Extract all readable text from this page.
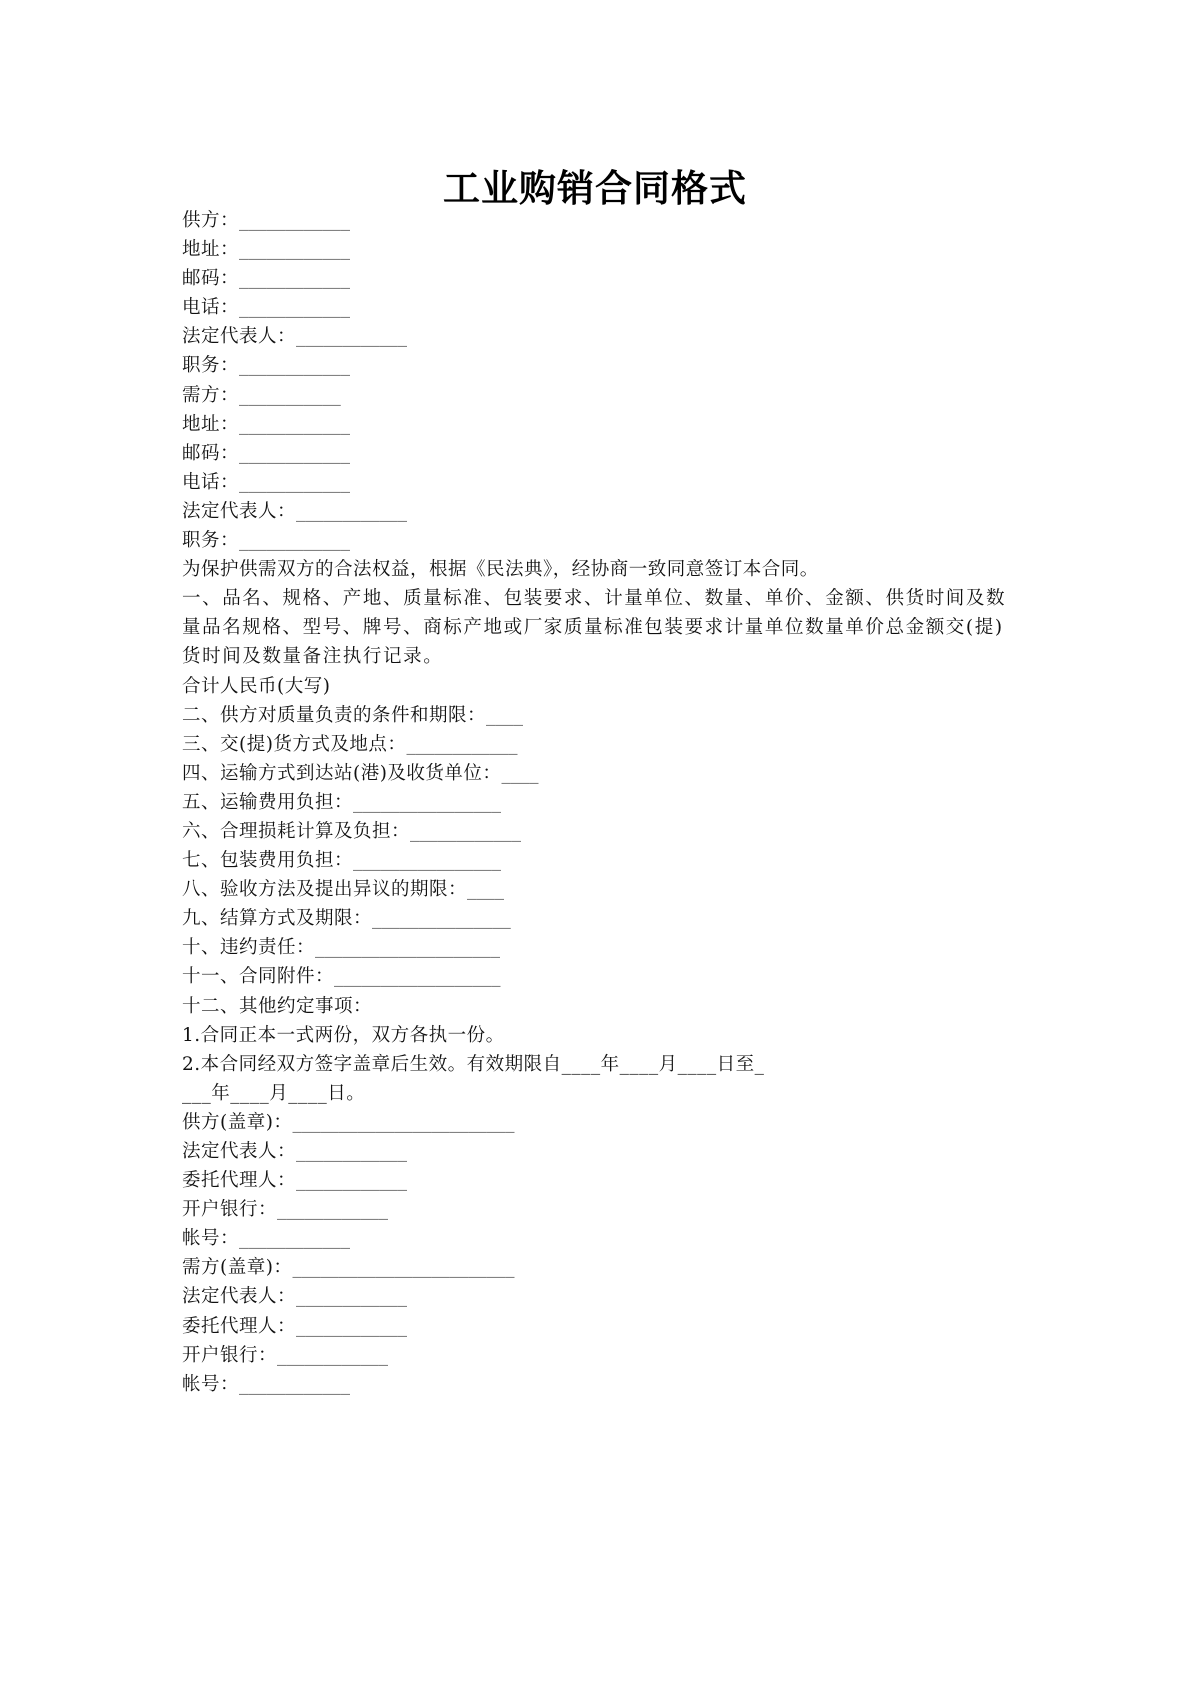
工业购销合同格式
供方：____________
地址：____________
邮码：____________
电话：____________
法定代表人：____________
职务：____________
需方：___________
地址：____________
邮码：____________
电话：____________
法定代表人：____________
职务：____________
为保护供需双方的合法权益，根据《民法典》，经协商一致同意签订本合同。
一、品名、规格、产地、质量标准、包装要求、计量单位、数量、单价、金额、供货时间及数量品名规格、型号、牌号、商标产地或厂家质量标准包装要求计量单位数量单价总金额交(提)货时间及数量备注执行记录。
合计人民币(大写)
二、供方对质量负责的条件和期限：____
三、交(提)货方式及地点：____________
四、运输方式到达站(港)及收货单位：____
五、运输费用负担：________________
六、合理损耗计算及负担：____________
七、包装费用负担：________________
八、验收方法及提出异议的期限：____
九、结算方式及期限：_______________
十、违约责任：____________________
十一、合同附件：__________________
十二、其他约定事项：
1.合同正本一式两份，双方各执一份。
2.本合同经双方签字盖章后生效。有效期限自____年____月____日至_
___年____月____日。
供方(盖章)：________________________
法定代表人：____________
委托代理人：____________
开户银行：____________
帐号：____________
需方(盖章)：________________________
法定代表人：____________
委托代理人：____________
开户银行：____________
帐号：____________
